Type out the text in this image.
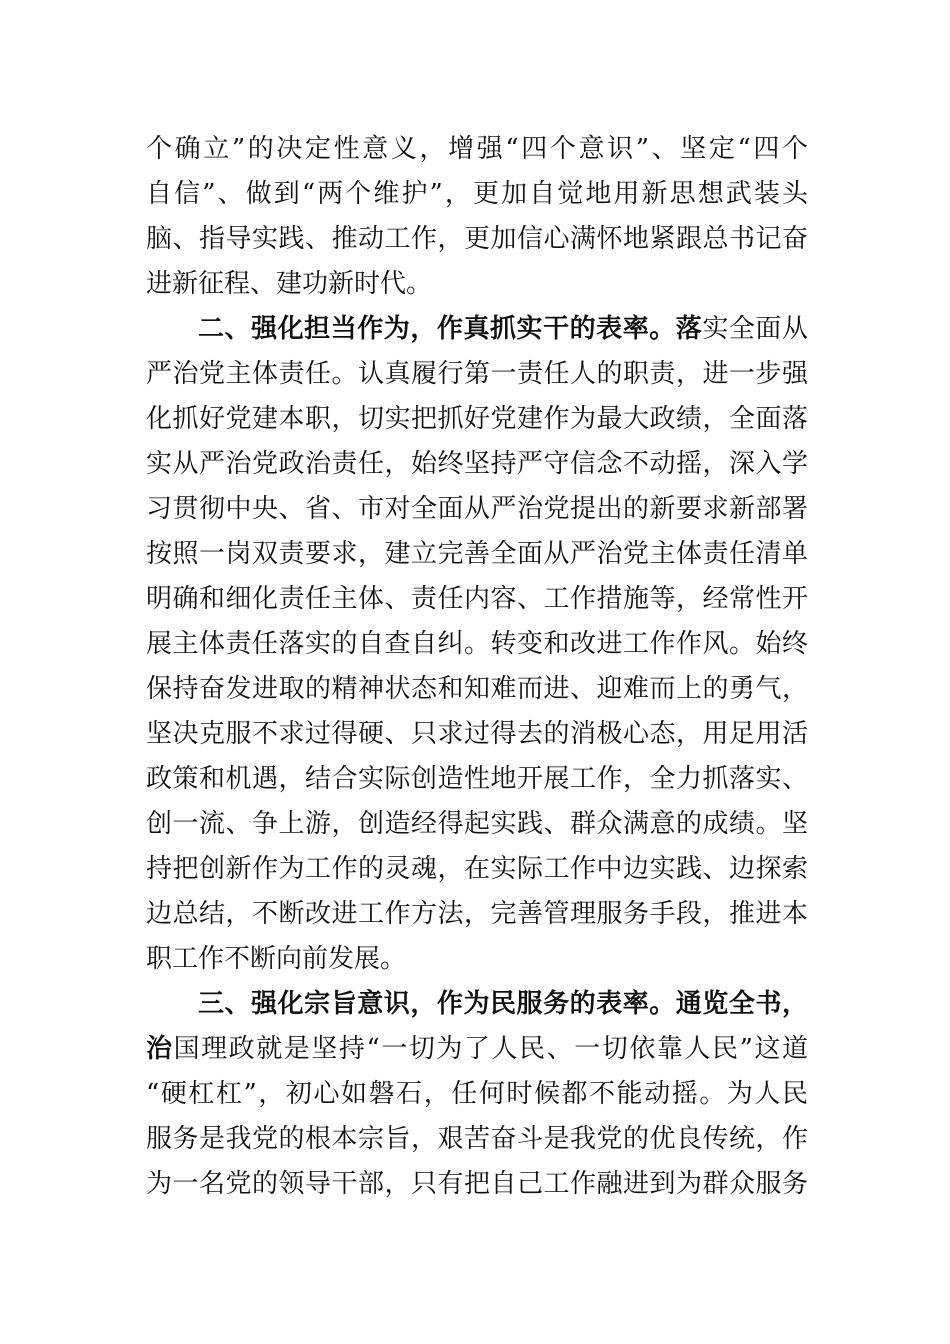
个确立”的决定性意义，增强“四个意识”、坚定“四个
自信”、做到“两个维护”，更加自觉地用新思想武装头
脑、指导实践、推动工作，更加信心满怀地紧跟总书记奋
进新征程、建功新时代。
二、强化担当作为，作真抓实干的表率。落实全面从
严治党主体责任。认真履行第一责任人的职责，进一步强
化抓好党建本职，切实把抓好党建作为最大政绩，全面落
实从严治党政治责任，始终坚持严守信念不动摇，深入学
习贯彻中央、省、市对全面从严治党提出的新要求新部署
按照一岗双责要求，建立完善全面从严治党主体责任清单
明确和细化责任主体、责任内容、工作措施等，经常性开
展主体责任落实的自查自纠。转变和改进工作作风。始终
保持奋发进取的精神状态和知难而进、迎难而上的勇气，
坚决克服不求过得硬、只求过得去的消极心态，用足用活
政策和机遇，结合实际创造性地开展工作，全力抓落实、
创一流、争上游，创造经得起实践、群众满意的成绩。坚
持把创新作为工作的灵魂，在实际工作中边实践、边探索
边总结，不断改进工作方法，完善管理服务手段，推进本
职工作不断向前发展。
三、强化宗旨意识，作为民服务的表率。通览全书，
治国理政就是坚持“一切为了人民、一切依靠人民”这道
“硬杠杠”，初心如磐石，任何时候都不能动摇。为人民
服务是我党的根本宗旨，艰苦奋斗是我党的优良传统，作
为一名党的领导干部，只有把自己工作融进到为群众服务
